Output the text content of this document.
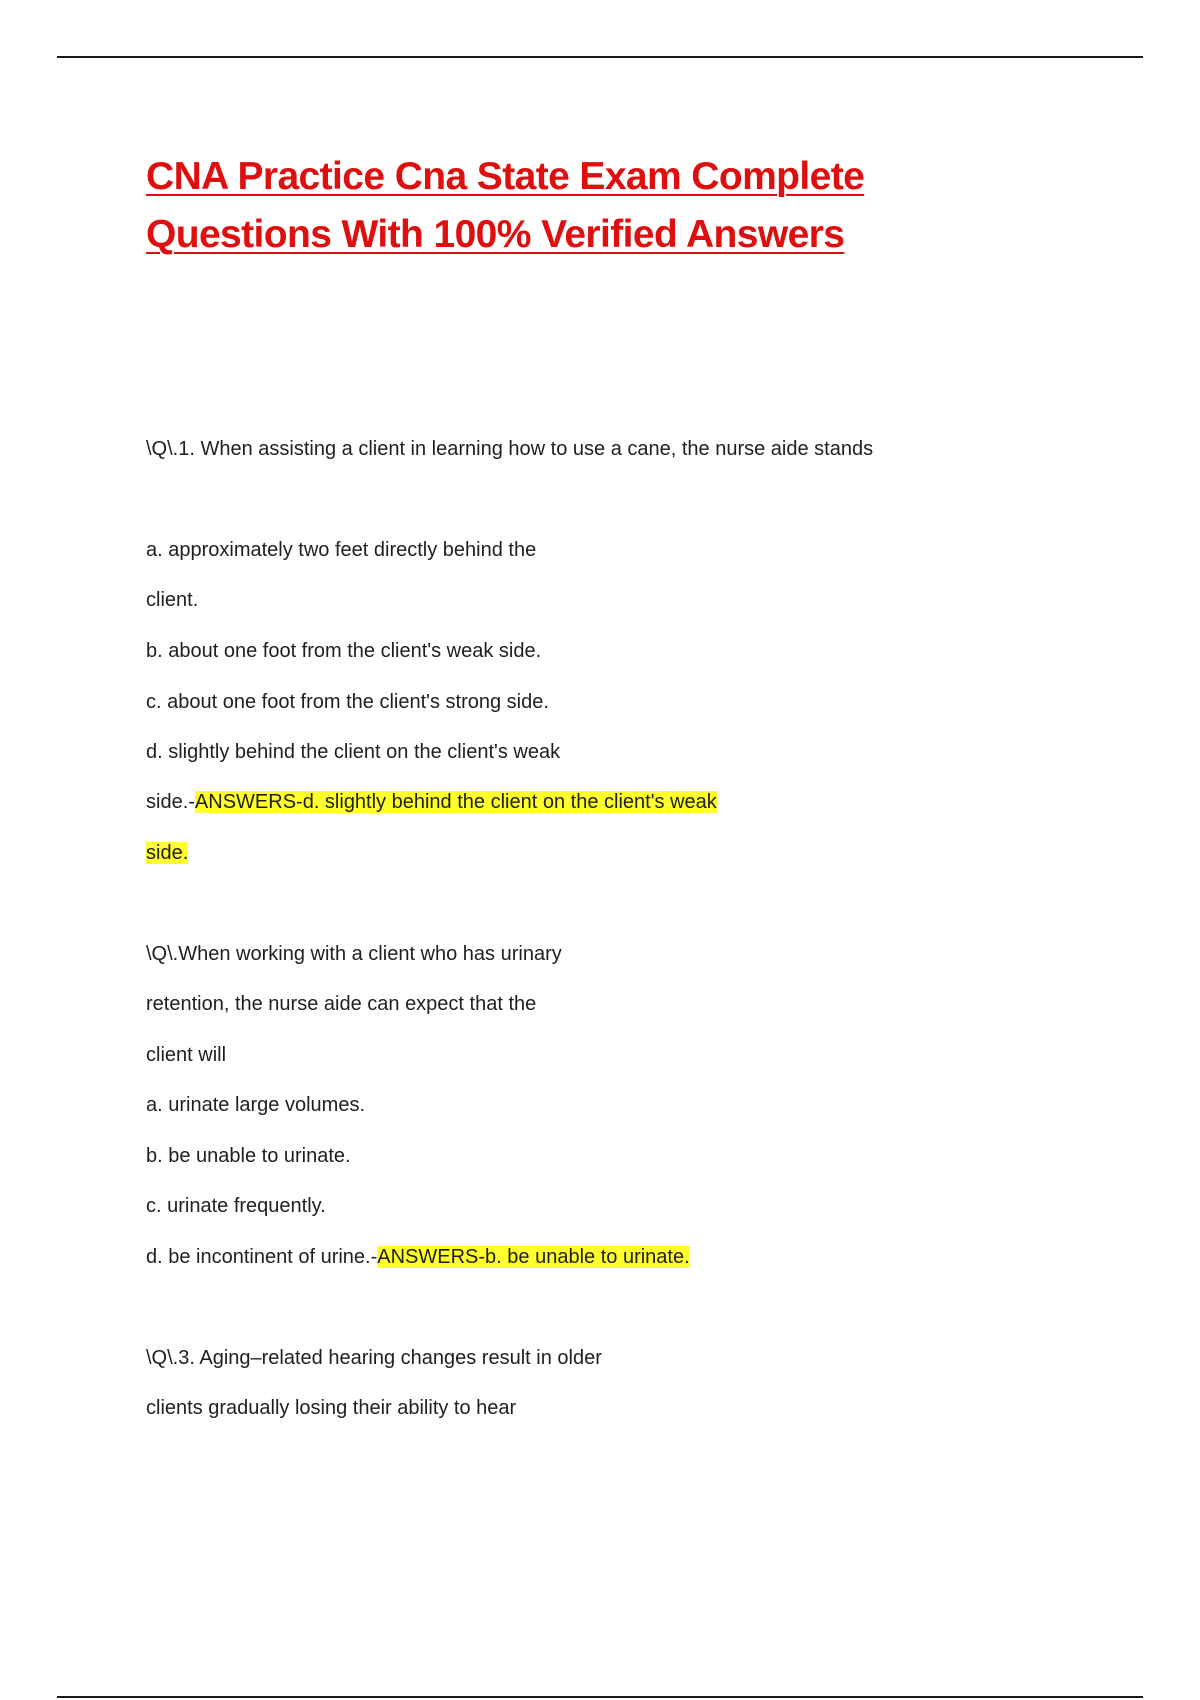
CNA Practice Cna State Exam Complete
Questions With 100% Verified Answers
\Q\.1. When assisting a client in learning how to use a cane, the nurse aide stands
a. approximately two feet directly behind the
client.
b. about one foot from the client's weak side.
c. about one foot from the client's strong side.
d. slightly behind the client on the client's weak
side.-ANSWERS-d. slightly behind the client on the client's weak
side.
\Q\.When working with a client who has urinary
retention, the nurse aide can expect that the
client will
a. urinate large volumes.
b. be unable to urinate.
c. urinate frequently.
d. be incontinent of urine.-ANSWERS-b. be unable to urinate.
\Q\.3. Aging–related hearing changes result in older
clients gradually losing their ability to hear
